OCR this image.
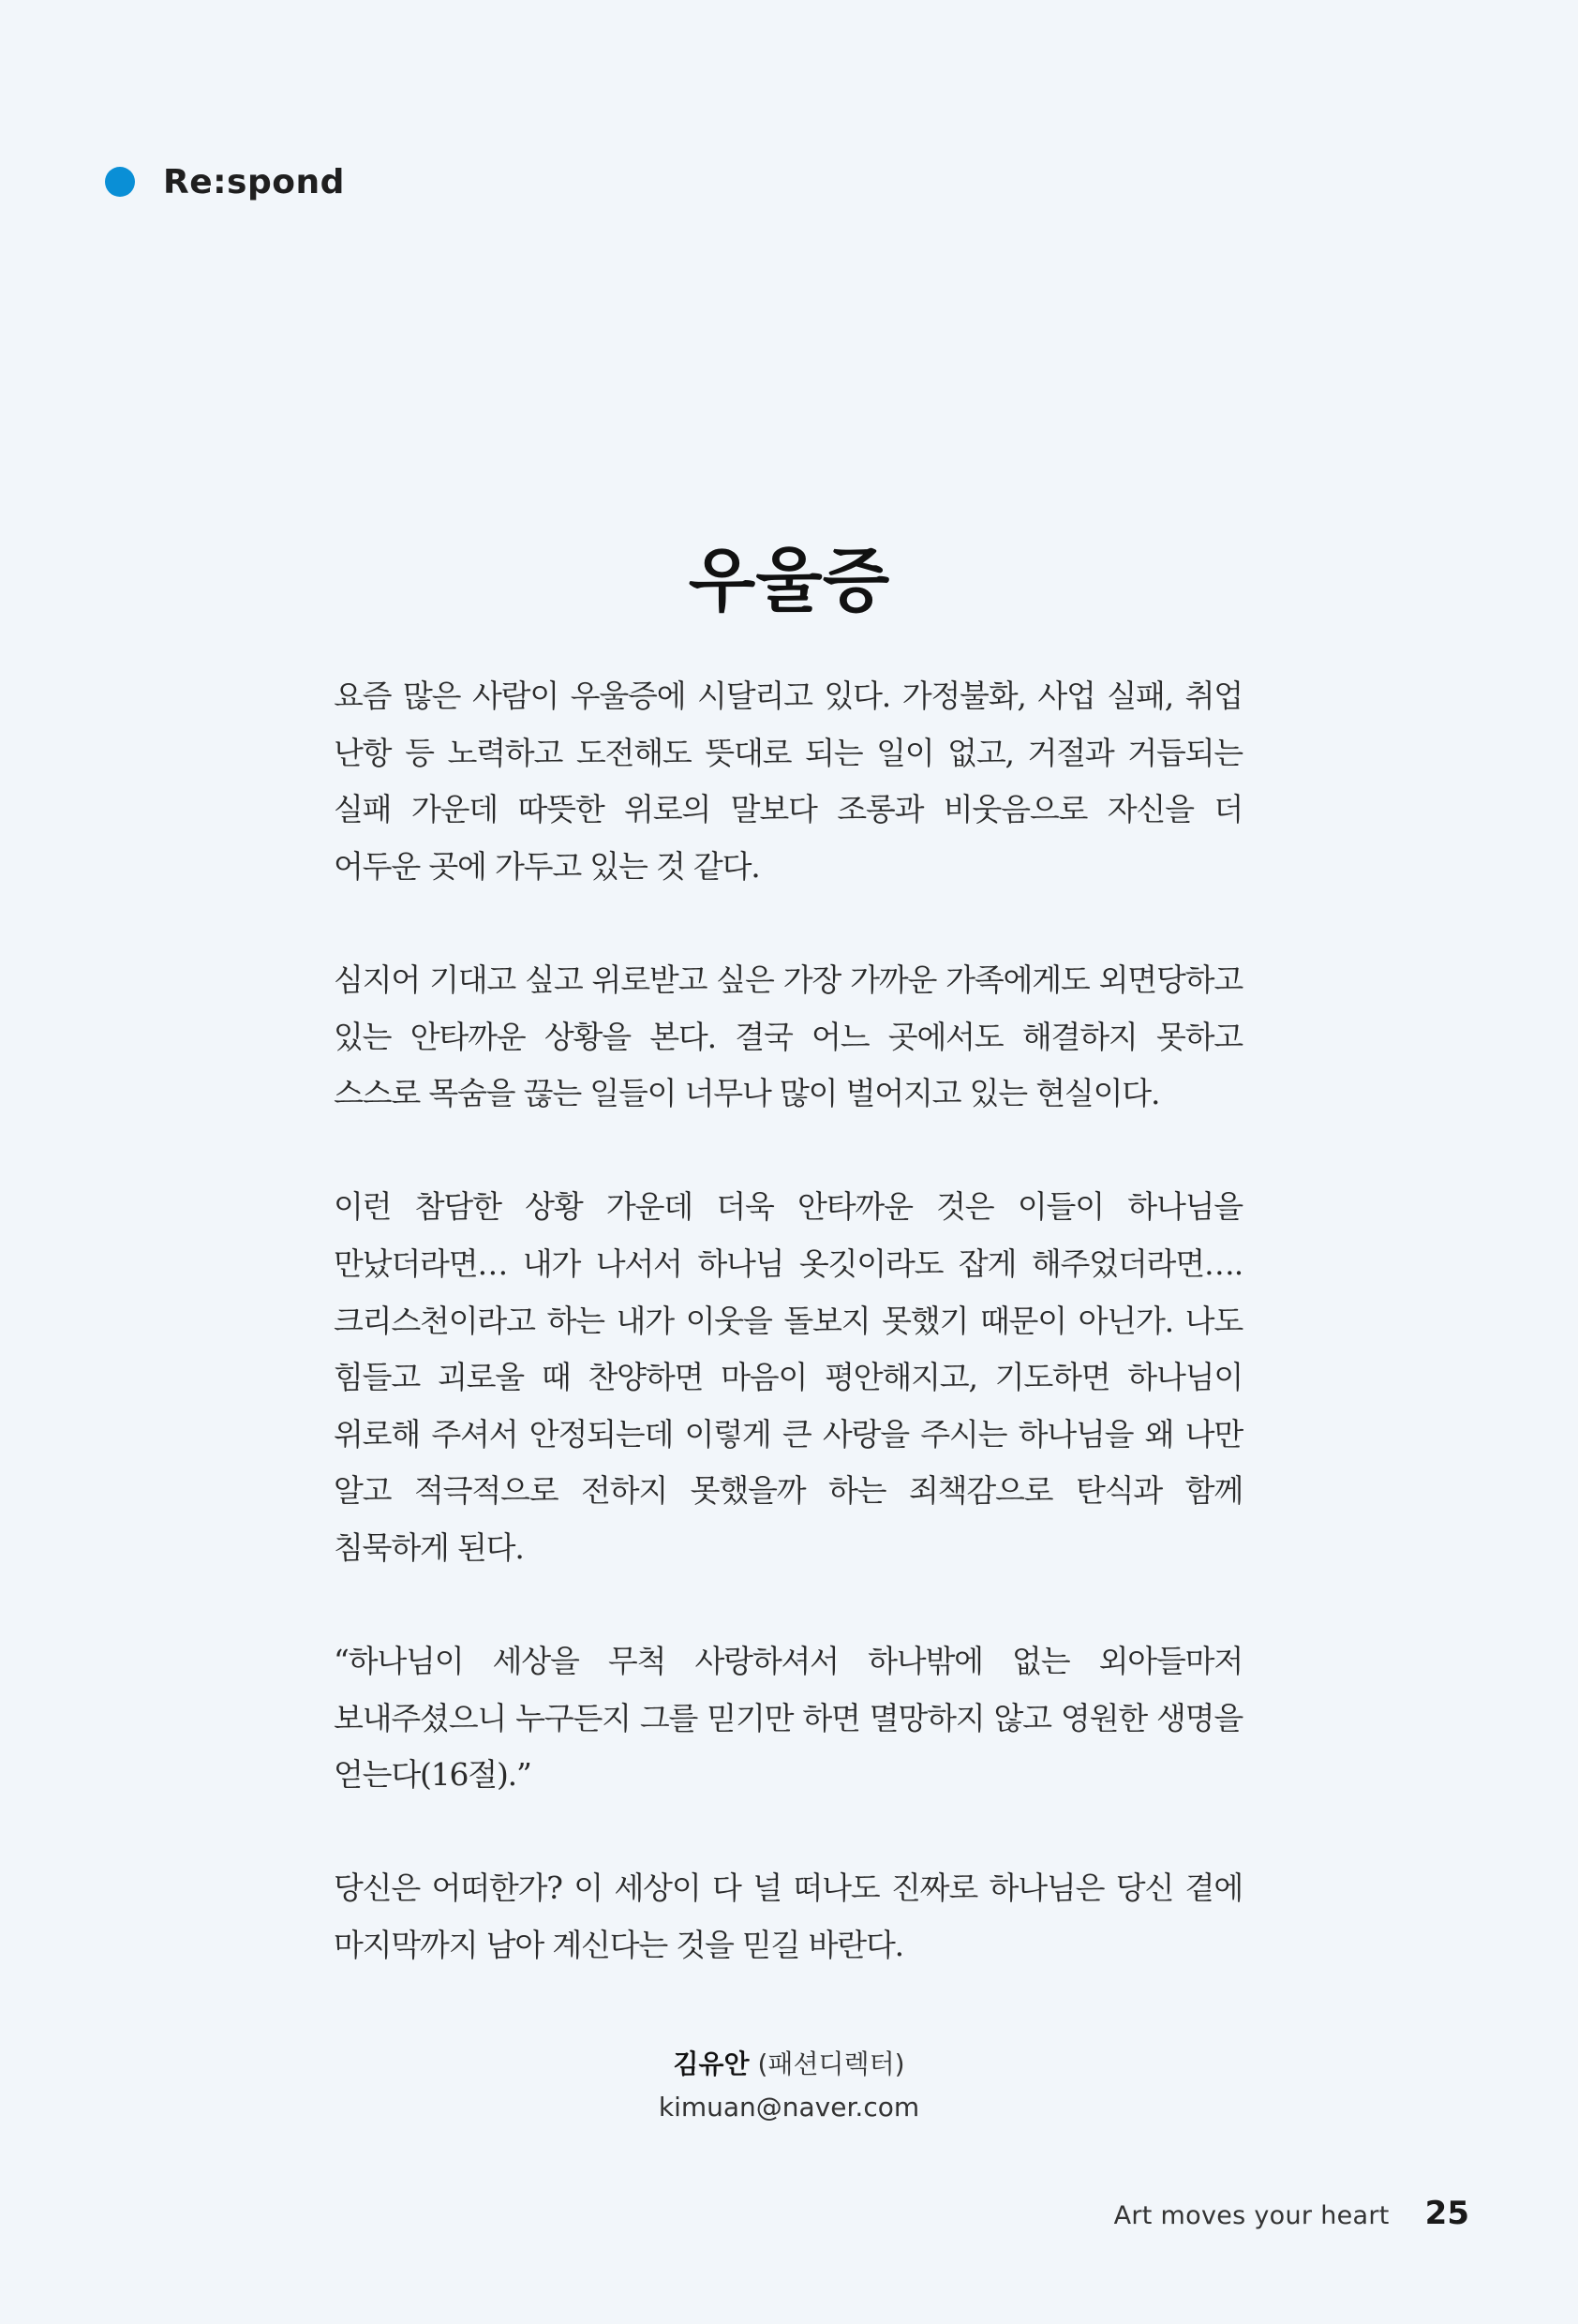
Re:spond
우울증

요즘 많은 사람이 우울증에 시달리고 있다. 가정불화, 사업 실패, 취업 난항 등 노력하고 도전해도 뜻대로 되는 일이 없고, 거절과 거듭되는 실패 가운데 따뜻한 위로의 말보다 조롱과 비웃음으로 자신을 더 어두운 곳에 가두고 있는 것 같다.

심지어 기대고 싶고 위로받고 싶은 가장 가까운 가족에게도 외면당하고 있는 안타까운 상황을 본다. 결국 어느 곳에서도 해결하지 못하고 스스로 목숨을 끊는 일들이 너무나 많이 벌어지고 있는 현실이다.

이런 참담한 상황 가운데 더욱 안타까운 것은 이들이 하나님을 만났더라면… 내가 나서서 하나님 옷깃이라도 잡게 해주었더라면…. 크리스천이라고 하는 내가 이웃을 돌보지 못했기 때문이 아닌가. 나도 힘들고 괴로울 때 찬양하면 마음이 평안해지고, 기도하면 하나님이 위로해 주셔서 안정되는데 이렇게 큰 사랑을 주시는 하나님을 왜 나만 알고 적극적으로 전하지 못했을까 하는 죄책감으로 탄식과 함께 침묵하게 된다.

“하나님이 세상을 무척 사랑하셔서 하나밖에 없는 외아들마저 보내주셨으니 누구든지 그를 믿기만 하면 멸망하지 않고 영원한 생명을 얻는다(16절).”

당신은 어떠한가? 이 세상이 다 널 떠나도 진짜로 하나님은 당신 곁에 마지막까지 남아 계신다는 것을 믿길 바란다.

김유안 (패션디렉터)
kimuan@naver.com
Art moves your heart 25
